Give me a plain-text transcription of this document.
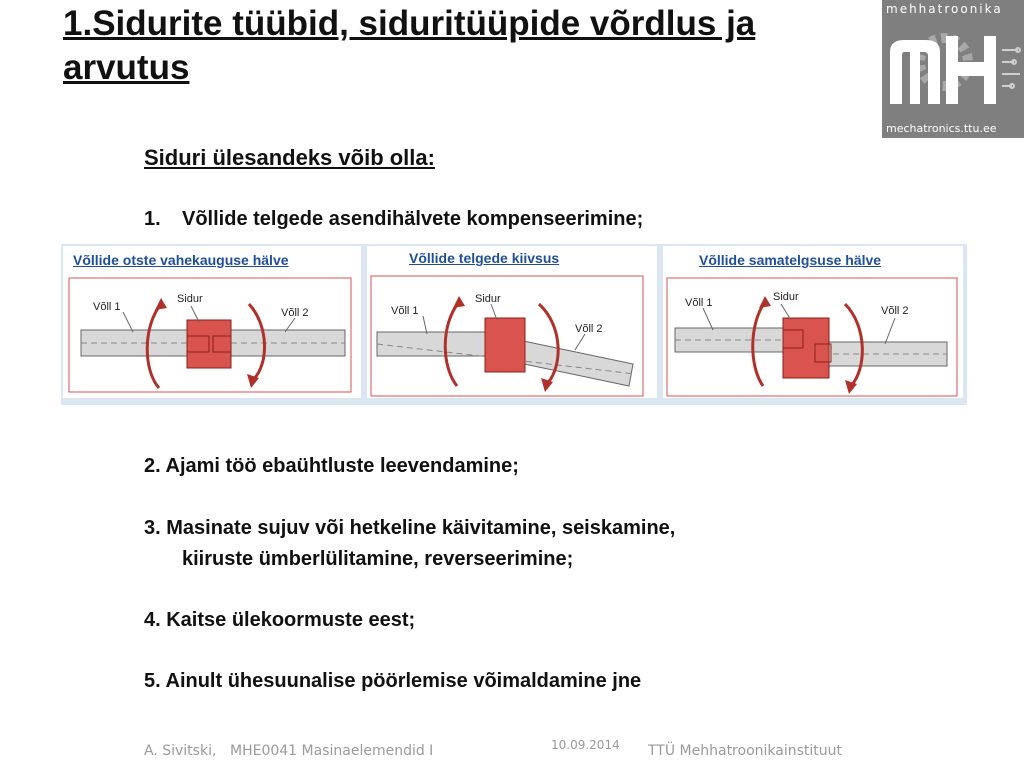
1.Sidurite tüübid, siduritüüpide võrdlus ja arvutus
mehhatroonika
mechatronics.ttu.ee
Siduri ülesandeks võib olla:
1. Võllide telgede asendihälvete kompenseerimine;
Võllide otste vahekauguse hälve
Võll 1
Sidur
Võll 2
Võllide telgede kiivsus
Võll 1
Sidur
Võll 2
Võllide samatelgsuse hälve
Võll 1	Sidur
Võll 2
2. Ajami töö ebaühtluste leevendamine;
3. Masinate sujuv või hetkeline käivitamine, seiskamine,
kiiruste ümberlülitamine, reverseerimine;
4. Kaitse ülekoormuste eest;
5. Ainult ühesuunalise pöörlemise võimaldamine jne
A. Sivitski, MHE0041 Masinaelemendid I	10.09.2014 TTÜ Mehhatroonikainstituut
